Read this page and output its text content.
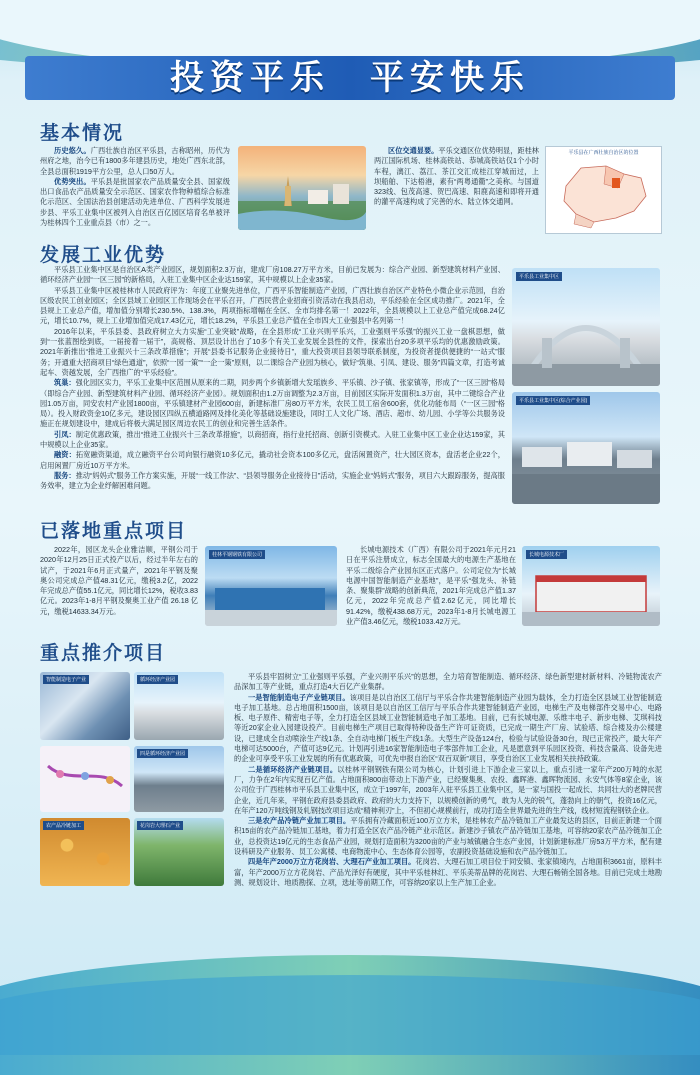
投资平乐　平安快乐
基本情况

历史悠久。广西壮族自治区平乐县，古称昭州，历代为州府之地，治今已有1800多年建县历史，地处广西东北部，全县总面积1919平方公里，总人口50万人。

优势突出。平乐县是批国家农产品质量安全县、国家级出口食品农产品质量安全示范区、国家农作物种植综合标准化示范区、全国法治县创建活动先进单位、广西科学发展进步县、平乐工业集中区被列入自治区百亿园区培育名单被评为桂林四个工业重点县（市）之一。

区位交通显要。平乐交通区位优势明显，距桂林两江国际机场、桂林高铁站、恭城高铁站仅1个小时车程，漓江、荔江、茶江交汇成桂江穿城而过，上坝船舶、下达梧港，素有“两粤通衢”之美称。与国道323线、包茂高速、贺巴高速、阳鹿高速和即将开通的灌平高速构成了完善的水、陆立体交通网。

平乐县在广西壮族自治区的位置
发展工业优势

平乐县工业集中区是自治区A类产业园区，规划面积2.3万亩，建成厂房108.27万平方米，目前已发展为：综合产业园、新型建筑材料产业园、循环经济产业园“一区三园”的新格局，入驻工业集中区企业达159家，其中规模以上企业35家。

平乐县工业集中区被桂林市人民政府评为：年度工业聚先进单位，广西平乐智能制造产业园，广西壮族自治区产业特色小微企业示范园，自治区级农民工创业园区；全区县域工业园区工作现场会在平乐召开，广西民营企业招商引资活动在我县启动，平乐经验在全区成功推广。2021年，全县规上工业总产值，增加值分别增长230.5%、138.3%，两项指标增幅在全区、全市均排名第一！2022年，全县规模以上工业总产值完成68.24亿元，增长10.7%，规上工业增加值完成17.43亿元，增长18.2%，平乐县工业总产值在全市四大工业强县中名列第一！

2016年以来，平乐县委、县政府树立大力实施“工业突破”战略，在全县形成“工业兴则平乐兴，工业强则平乐强”的振兴工业一盘棋思想，做到“一张蓝图绘到底，一届接着一届干”，高规格、顶层设计出台了10多个有关工业发展全县性的文件，探索出台20多项平乐均的优惠激励政策。2021年新推出“推进工业振兴十三条改革措施”；开展“县委书记服务企业接待日”，重大投资项目县领导联系制度，为投资者提供便捷的“一站式”服务；开通重大招商项目“绿色通道”，依照“一园一策”“一企一策”原则，以二课综合产业园为核心，做好“筑巢、引凤、建设、服务”四篇文章，打造考诚起车、资越发展，全广西推广的“平乐经验”。

筑巢：强化园区实力，平乐工业集中区范围从原来的二期，同步两个乡镇新增大发瑶族乡、平乐镇、沙子镇、张家镇等，形成了“一区三园”格局（即综合产业园、新型建筑材料产业园、循环经济产业园）。规划面积由1.2万亩调整为2.3万亩，目前园区实际开发面积1.3万亩，其中二键综合产业园1.05万亩，同安农村产业园1800亩，平乐镇建材产业园600亩，新建标准厂房80万平方米，农民工员工宿舍600套，优化功能布局（“一区三园”格局）。投入财政资金10亿多元，建设园区四纵五横道路网及排化美化等基础设施建设，同时工人文化广场、酒店、超市、幼儿园、小学等公共服务设施正在规划建设中，建成后将极大满足园区周边农民工的创业和完善生活条件。

引凤：制定优惠政策，推出“推进工业振兴十三条改革措施”，以商招商，指行业托招商、创新引资模式。入驻工业集中区工业企业达159家，其中规模以上企业35家。

融资：拓宽融资渠道，成立融资平台公司向银行融资10多亿元，撬动社会资本100多亿元，盘活闲置资产，壮大园区资本，盘活老企业22个，启用闲置厂房近10万平方米。

服务：推动“妈妈式”服务工作方案实施，开展“一线工作法”、“县领导服务企业接待日”活动，实施企业“妈妈式”服务，项目六大跟踪服务，提高服务效率，建立为企业纾解困难问题。

平乐县工业集中区
平乐县工业集中区(综合产业园)
已落地重点项目

2022年，园区龙头企业雅洁顺，平钢公司于2020年12月25日正式投产以后，经过半年左右的试产，于2021年6月正式量产，2021年平钢及聚奥公司完成总产值48.31亿元，缴税3.2亿，2022年完成总产值55.1亿元，同比增长12%，税收3.83亿元。2023年1-8月平钢及聚奥工业产值 26.18 亿元，缴税14633.34万元。

桂林平钢钢铁有限公司

长城电源技术（广西）有限公司于2021年元月21日在平乐注册成立，标志全国最大的电源生产基地在平乐二级综合产业园东区正式落户。公司定位为“长城电源中国智能制造产业基地”，是平乐“强龙头、补链条、聚集群”战略的创新典范，2021年完成总产值1.37亿元，2022年完成总产值2.62亿元，同比增长91.42%，缴税438.68万元，2023年1-8月长城电源工业产值3.46亿元，缴税1033.42万元。

长城电源技术厂
重点推介项目
智能制造电子产业	循环经济产业园
四是循环经济产业园
农产品冷链加工	花岗岩大理石产业

平乐县牢固树立“工业强则平乐强，产业兴则平乐兴”的思想，全力培育智能制造、循环经济、绿色新型建材新材料、冷链物流农产品深加工等产业链，重点打造4大百亿产业集群。

一是智能制造电子产业链项目。该项目是以自治区工信厅与平乐合作共建智能制造产业园为载体，全力打造全区县域工业智能制造电子加工基地。总占地面积1500亩，该项目是以自治区工信厅与平乐合作共建智能制造产业园，电梯生产及电梯部件交易中心、电路板、电子原件、精密电子等，全力打造全区县域工业智能制造电子加工基地。目前，已有长城电源、乐维丰电子、新步电梯、艾琪科技等近20家企业入园建设投产。目前电梯生产项目已取得特种设备生产许可证资质，已完成一期生产厂房、试验塔、综合楼及办公楼建设，已建成全自动喷涂生产线1条、全自动电梯门板生产线1条。大型生产设备124台，检验与试验设备30台，现已正常投产，最大年产电梯可达5000台，产值可达9亿元。计划再引进16家智能制造电子零部件加工企业，凡是愿意到平乐园区投资、科技含量高、设备先进的企业可享受平乐工业发展的所有优惠政策，可优先申报自治区“双百双新”项目，享受自治区工业发展相关扶持政策。

二是循环经济产业链项目。以桂林平钢钢铁有限公司为核心，计划引进上下游企业三家以上，重点引进一家年产200万吨的水泥厂，力争在2年内实现百亿产值。占地面积800亩带动上下游产业，已经聚集奥、农投、鑫晖港、鑫晖物流园、永安气体等8家企业，该公司位于广西桂林市平乐县工业集中区，成立于1997年，2003年入驻平乐县工业集中区，是一家与国投一起成长、共同壮大的老牌民营企业，近几年来，平钢在政府县委县政府、政府的大力支持下，以规模创新的勇气，敢为人先的锐气，蓬勃向上的朝气，投资16亿元，在年产120万吨线钢及轧钢技改项目达成“精神利刃”上，不但初心规模前行，成功打造全世界最先进的生产线，线材短流程钢铁企业。

三是农产品冷链产业加工项目。平乐拥有冷藏面积近100万立方米，是桂林农产品冷链加工产业最发达的县区，目前正新建一个面积15亩的农产品冷链加工基地，着力打造全区农产品冷链产业示范区。新建沙子镇农产品冷链加工基地，可容纳20家农产品冷链加工企业，总投资达19亿元的生态食品产业园，规划打造面积为3200亩的产业与城镇融合生态产业园，计划新建标准厂房53万平方米，配有建设科研及产业服务、员工公寓楼、电商物流中心、生态体育公园等，农副投资基础设施和农产品冷链加工。

四是年产2000万立方花岗岩、大理石产业加工项目。花岗岩、大理石加工项目位于同安镇、张家镇境内，占地面积3661亩，原料丰富，年产2000万立方花岗岩、产品光泽好有硬度，其中平乐桂林红、平乐美蒂品牌的花岗岩、大理石畅销全国各地。目前已完成土地勘测、规划设计、地质勘探、立项，选址等前期工作，可容纳20家以上生产加工企业。
